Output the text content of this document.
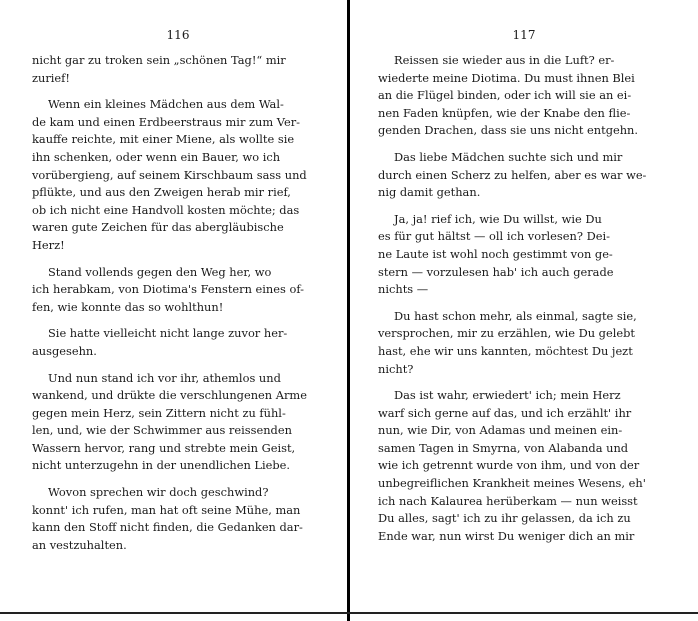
116
nicht gar zu troken sein „schönen Tag!“ mir
zurief!
Wenn ein kleines Mädchen aus dem Wal-
de kam und einen Erdbeerstraus mir zum Ver-
kauffe reichte, mit einer Miene, als wollte sie
ihn schenken, oder wenn ein Bauer, wo ich
vorübergieng, auf seinem Kirschbaum sass und
pflükte, und aus den Zweigen herab mir rief,
ob ich nicht eine Handvoll kosten möchte; das
waren gute Zeichen für das abergläubische
Herz!
Stand vollends gegen den Weg her, wo
ich herabkam, von Diotima's Fenstern eines of-
fen, wie konnte das so wohlthun!
Sie hatte vielleicht nicht lange zuvor her-
ausgesehn.
Und nun stand ich vor ihr, athemlos und
wankend, und drükte die verschlungenen Arme
gegen mein Herz, sein Zittern nicht zu fühl-
len, und, wie der Schwimmer aus reissenden
Wassern hervor, rang und strebte mein Geist,
nicht unterzugehn in der unendlichen Liebe.
Wovon sprechen wir doch geschwind?
konnt' ich rufen, man hat oft seine Mühe, man
kann den Stoff nicht finden, die Gedanken dar-
an vestzuhalten.
117
Reissen sie wieder aus in die Luft? er-
wiederte meine Diotima. Du must ihnen Blei
an die Flügel binden, oder ich will sie an ei-
nen Faden knüpfen, wie der Knabe den flie-
genden Drachen, dass sie uns nicht entgehn.
Das liebe Mädchen suchte sich und mir
durch einen Scherz zu helfen, aber es war we-
nig damit gethan.
Ja, ja! rief ich, wie Du willst, wie Du
es für gut hältst — oll ich vorlesen? Dei-
ne Laute ist wohl noch gestimmt von ge-
stern — vorzulesen hab' ich auch gerade
nichts —
Du hast schon mehr, als einmal, sagte sie,
versprochen, mir zu erzählen, wie Du gelebt
hast, ehe wir uns kannten, möchtest Du jezt
nicht?
Das ist wahr, erwiedert' ich; mein Herz
warf sich gerne auf das, und ich erzählt' ihr
nun, wie Dir, von Adamas und meinen ein-
samen Tagen in Smyrna, von Alabanda und
wie ich getrennt wurde von ihm, und von der
unbegreiflichen Krankheit meines Wesens, eh'
ich nach Kalaurea herüberkam — nun weisst
Du alles, sagt' ich zu ihr gelassen, da ich zu
Ende war, nun wirst Du weniger dich an mir
